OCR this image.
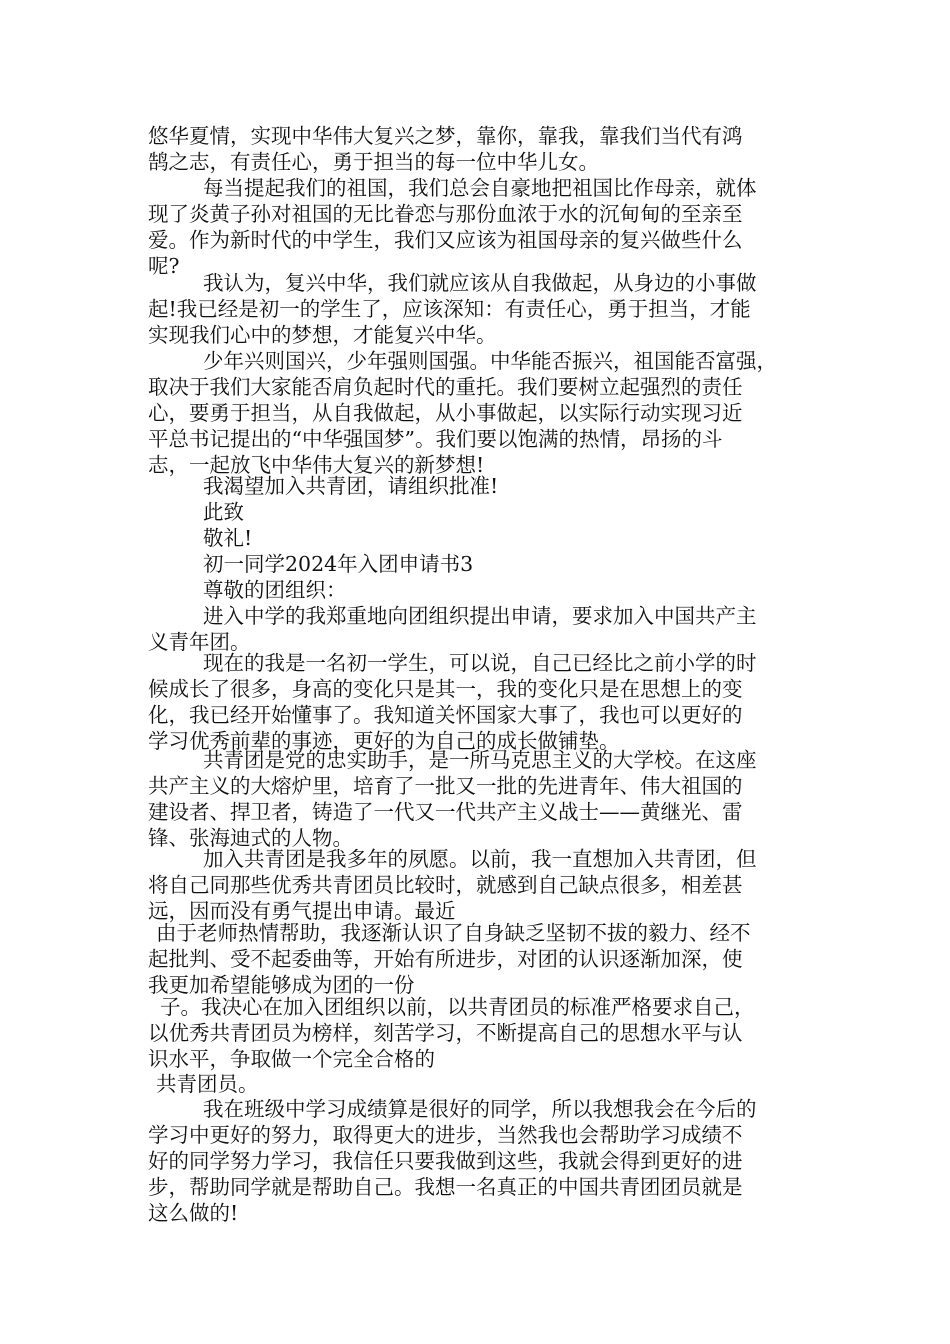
悠华夏情，实现中华伟大复兴之梦，靠你，靠我，靠我们当代有鸿
鹄之志，有责任心，勇于担当的每一位中华儿女。
每当提起我们的祖国，我们总会自豪地把祖国比作母亲，就体
现了炎黄子孙对祖国的无比眷恋与那份血浓于水的沉甸甸的至亲至
爱。作为新时代的中学生，我们又应该为祖国母亲的复兴做些什么
呢?
我认为，复兴中华，我们就应该从自我做起，从身边的小事做
起!我已经是初一的学生了，应该深知：有责任心，勇于担当，才能
实现我们心中的梦想，才能复兴中华。
少年兴则国兴，少年强则国强。中华能否振兴，祖国能否富强，
取决于我们大家能否肩负起时代的重托。我们要树立起强烈的责任
心，要勇于担当，从自我做起，从小事做起，以实际行动实现习近
平总书记提出的“中华强国梦”。我们要以饱满的热情，昂扬的斗
志，一起放飞中华伟大复兴的新梦想!
我渴望加入共青团，请组织批准!
此致
敬礼!
初一同学2024年入团申请书3
尊敬的团组织：
进入中学的我郑重地向团组织提出申请，要求加入中国共产主
义青年团。
现在的我是一名初一学生，可以说，自己已经比之前小学的时
候成长了很多，身高的变化只是其一，我的变化只是在思想上的变
化，我已经开始懂事了。我知道关怀国家大事了，我也可以更好的
学习优秀前辈的事迹，更好的为自己的成长做铺垫。
共青团是党的忠实助手，是一所马克思主义的大学校。在这座
共产主义的大熔炉里，培育了一批又一批的先进青年、伟大祖国的
建设者、捍卫者，铸造了一代又一代共产主义战士——黄继光、雷
锋、张海迪式的人物。
加入共青团是我多年的夙愿。以前，我一直想加入共青团，但
将自己同那些优秀共青团员比较时，就感到自己缺点很多，相差甚
远，因而没有勇气提出申请。最近
由于老师热情帮助，我逐渐认识了自身缺乏坚韧不拔的毅力、经不
起批判、受不起委曲等，开始有所进步，对团的认识逐渐加深，使
我更加希望能够成为团的一份
子。我决心在加入团组织以前，以共青团员的标准严格要求自己，
以优秀共青团员为榜样，刻苦学习，不断提高自己的思想水平与认
识水平，争取做一个完全合格的
共青团员。
我在班级中学习成绩算是很好的同学，所以我想我会在今后的
学习中更好的努力，取得更大的进步，当然我也会帮助学习成绩不
好的同学努力学习，我信任只要我做到这些，我就会得到更好的进
步，帮助同学就是帮助自己。我想一名真正的中国共青团团员就是
这么做的!
